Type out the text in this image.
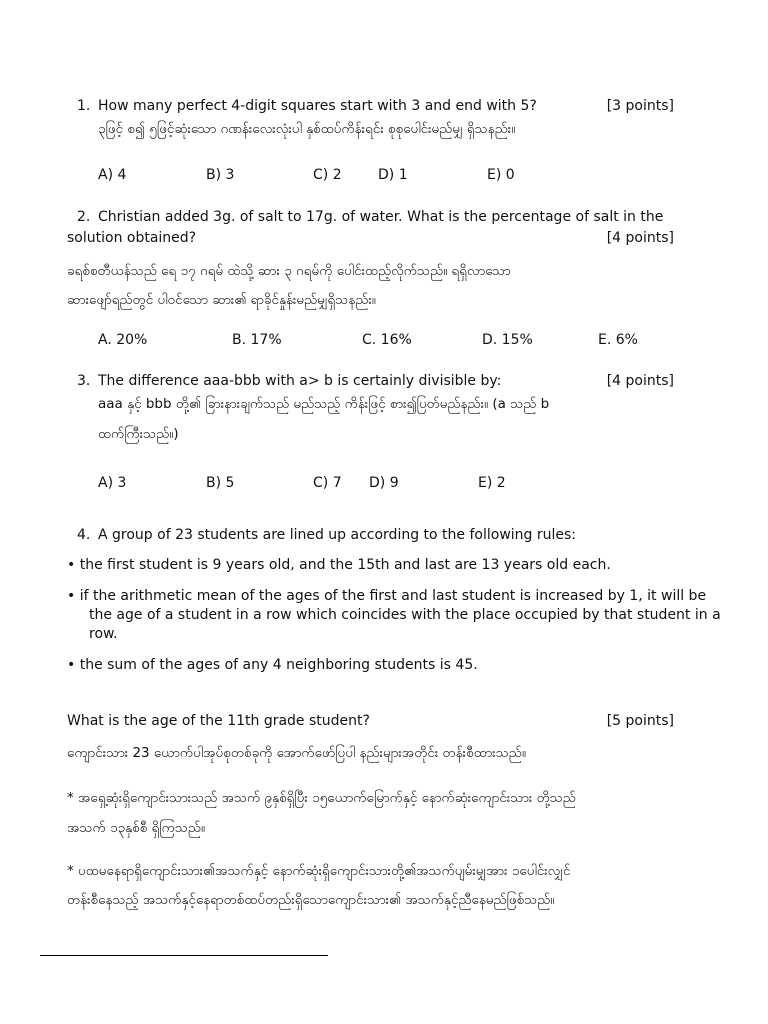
1. How many perfect 4-digit squares start with 3 and end with 5?	[3 points]
၃ဖြင့် စ၍ ၅ဖြင့်ဆုံးသော ဂဏန်းလေးလုံးပါ နှစ်ထပ်ကိန်းရင်း စုစုပေါင်းမည်မျှ ရှိသနည်း။
A) 4	B) 3	C) 2	D) 1	E) 0
2. Christian added 3g. of salt to 17g. of water. What is the percentage of salt in the
solution obtained?	[4 points]
ခရစ်စတီယန်သည် ရေ ၁၇ ဂရမ် ထဲသို့ ဆား ၃ ဂရမ်ကို ပေါင်းထည့်လိုက်သည်။ ရရှိလာသော
ဆားဖျော်ရည်တွင် ပါဝင်သော ဆား၏ ရာခိုင်နှုန်းမည်မျှရှိသနည်း။
A. 20%	B. 17%	C. 16%	D. 15%	E. 6%
3. The difference aaa-bbb with a> b is certainly divisible by:	[4 points]
aaa နှင့် bbb တို့၏ ခြားနားချက်သည် မည်သည့် ကိန်းဖြင့် စား၍ပြတ်မည်နည်း။ (a သည် b
ထက်ကြီးသည်။)
A) 3	B) 5	C) 7 D) 9	E) 2
4. A group of 23 students are lined up according to the following rules:
• the first student is 9 years old, and the 15th and last are 13 years old each.
• if the arithmetic mean of the ages of the first and last student is increased by 1, it will be
the age of a student in a row which coincides with the place occupied by that student in a
row.
• the sum of the ages of any 4 neighboring students is 45.
What is the age of the 11th grade student?	[5 points]
ကျောင်းသား 23 ယောက်ပါအုပ်စုတစ်ခုကို အောက်ဖော်ပြပါ နည်းများအတိုင်း တန်းစီထားသည်။
* အရှေ့ဆုံးရှိကျောင်းသားသည် အသက် ၉နှစ်ရှိပြီး ၁၅ယောက်မြောက်နှင့် နောက်ဆုံးကျောင်းသား တို့သည်
အသက် ၁၃နှစ်စီ ရှိကြသည်။
* ပထမနေရာရှိကျောင်းသား၏အသက်နှင့် နောက်ဆုံးရှိကျောင်းသားတို့၏အသက်ပျမ်းမျှအား ၁ပေါင်းလျှင်
တန်းစီနေသည့် အသက်နှင့်နေရာတစ်ထပ်တည်းရှိသောကျောင်းသား၏ အသက်နှင့်ညီနေမည်ဖြစ်သည်။
